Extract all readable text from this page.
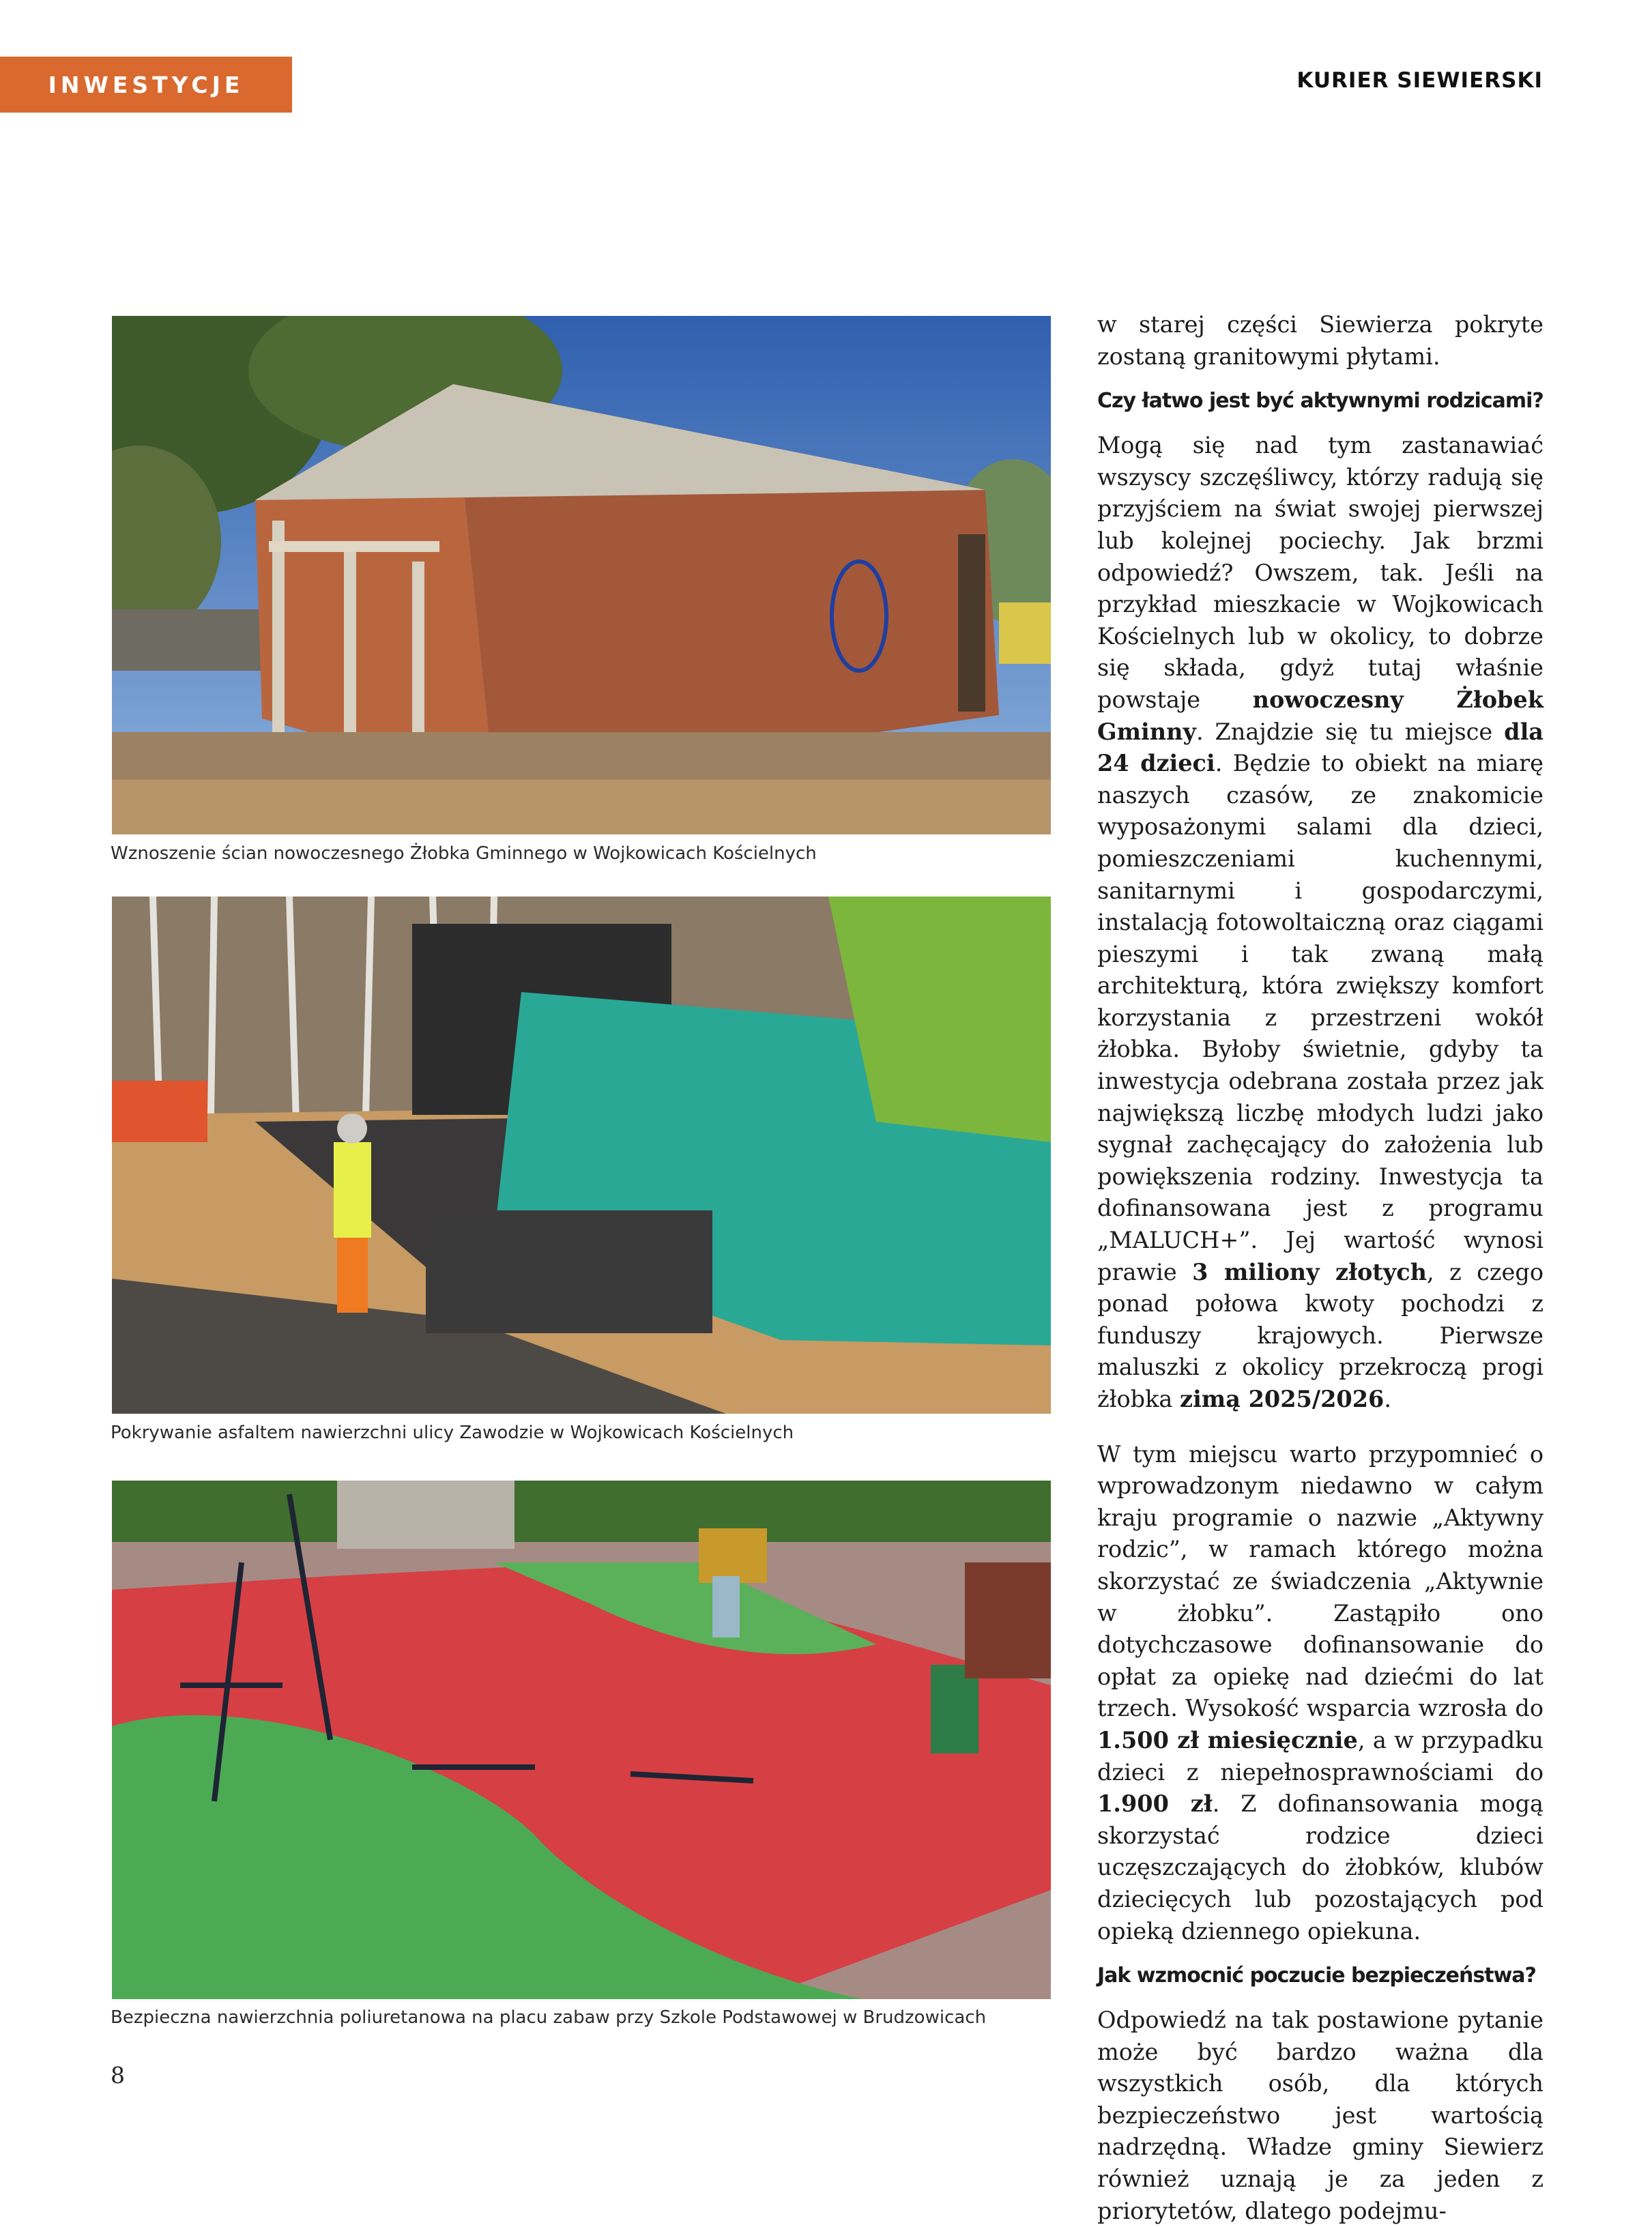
INWESTYCJE	KURIER SIEWIERSKI
Wznoszenie ścian nowoczesnego Żłobka Gminnego w Wojkowicach Kościelnych
Pokrywanie asfaltem nawierzchni ulicy Zawodzie w Wojkowicach Kościelnych
Bezpieczna nawierzchnia poliuretanowa na placu zabaw przy Szkole Podstawowej w Brudzowicach

w starej części Siewierza pokryte zostaną granitowymi płytami.

Czy łatwo jest być aktywnymi rodzicami?

Mogą się nad tym zastanawiać wszyscy szczęśliwcy, którzy radują się przyjściem na świat swojej pierwszej lub kolejnej pociechy. Jak brzmi odpowiedź? Owszem, tak. Jeśli na przykład mieszkacie w Wojkowicach Kościelnych lub w okolicy, to dobrze się składa, gdyż tutaj właśnie powstaje nowoczesny Żłobek Gminny. Znajdzie się tu miejsce dla 24 dzieci. Będzie to obiekt na miarę naszych czasów, ze znakomicie wyposażonymi salami dla dzieci, pomieszczeniami kuchennymi, sanitarnymi i gospodarczymi, instalacją fotowoltaiczną oraz ciągami pieszymi i tak zwaną małą architekturą, która zwiększy komfort korzystania z przestrzeni wokół żłobka. Byłoby świetnie, gdyby ta inwestycja odebrana została przez jak największą liczbę młodych ludzi jako sygnał zachęcający do założenia lub powiększenia rodziny. Inwestycja ta dofinansowana jest z programu „MALUCH+”. Jej wartość wynosi prawie 3 miliony złotych, z czego ponad połowa kwoty pochodzi z funduszy krajowych. Pierwsze maluszki z okolicy przekroczą progi żłobka zimą 2025/2026.

W tym miejscu warto przypomnieć o wprowadzonym niedawno w całym kraju programie o nazwie „Aktywny rodzic”, w ramach którego można skorzystać ze świadczenia „Aktywnie w żłobku”. Zastąpiło ono dotychczasowe dofinansowanie do opłat za opiekę nad dziećmi do lat trzech. Wysokość wsparcia wzrosła do 1.500 zł miesięcznie, a w przypadku dzieci z niepełnosprawnościami do 1.900 zł. Z dofinansowania mogą skorzystać rodzice dzieci uczęszczających do żłobków, klubów dziecięcych lub pozostających pod opieką dziennego opiekuna.

Jak wzmocnić poczucie bezpieczeństwa?

Odpowiedź na tak postawione pytanie może być bardzo ważna dla wszystkich osób, dla których bezpieczeństwo jest wartością nadrzędną. Władze gminy Siewierz również uznają je za jeden z priorytetów, dlatego podejmu-

8
